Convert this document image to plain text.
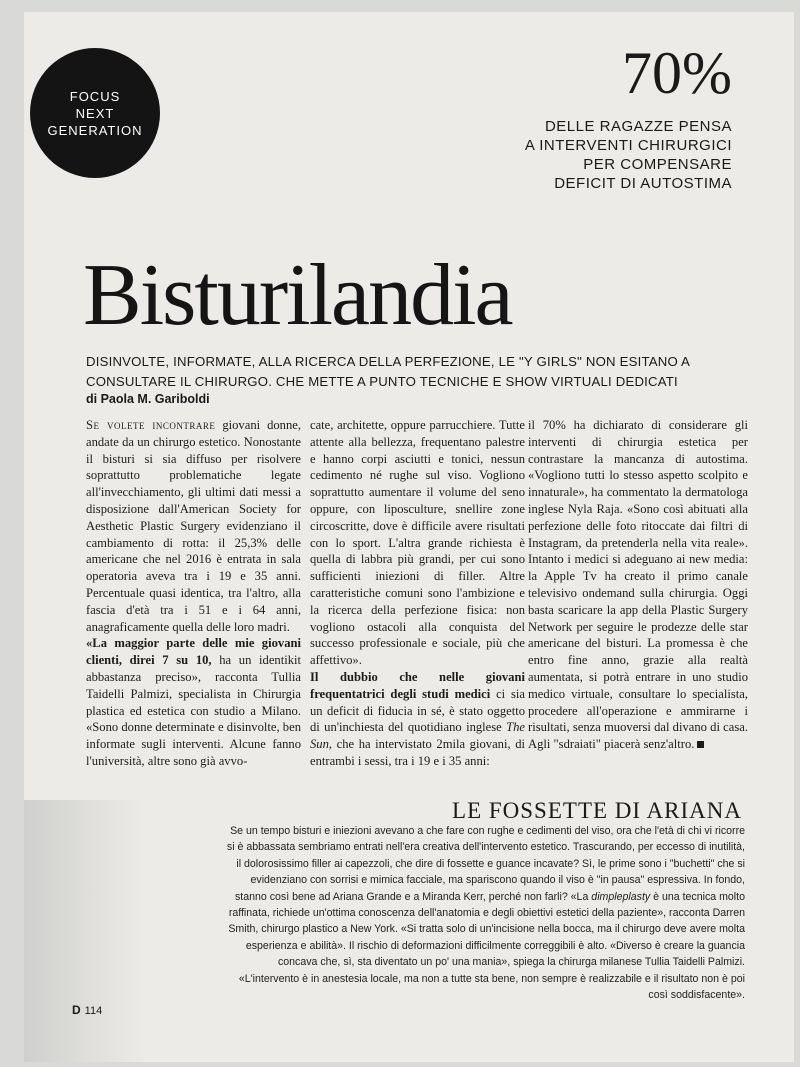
FOCUS
NEXT
GENERATION
70%
DELLE RAGAZZE PENSA
A INTERVENTI CHIRURGICI
PER COMPENSARE
DEFICIT DI AUTOSTIMA
Bisturilandia
DISINVOLTE, INFORMATE, ALLA RICERCA DELLA PERFEZIONE, LE "Y GIRLS" NON ESITANO A CONSULTARE IL CHIRURGO. CHE METTE A PUNTO TECNICHE E SHOW VIRTUALI DEDICATI
di Paola M. Gariboldi

Se volete incontrare giovani donne, andate da un chirurgo estetico. Nonostante il bisturi si sia diffuso per risolvere soprattutto problematiche legate all'invecchiamento, gli ultimi dati messi a disposizione dall'American Society for Aesthetic Plastic Surgery evidenziano il cambiamento di rotta: il 25,3% delle americane che nel 2016 è entrata in sala operatoria aveva tra i 19 e 35 anni. Percentuale quasi identica, tra l'altro, alla fascia d'età tra i 51 e i 64 anni, anagraficamente quella delle loro madri.

«La maggior parte delle mie giovani clienti, direi 7 su 10, ha un identikit abbastanza preciso», racconta Tullia Taidelli Palmizi, specialista in Chirurgia plastica ed estetica con studio a Milano. «Sono donne determinate e disinvolte, ben informate sugli interventi. Alcune fanno l'università, altre sono già avvo-

cate, architette, oppure parrucchiere. Tutte attente alla bellezza, frequentano palestre e hanno corpi asciutti e tonici, nessun cedimento né rughe sul viso. Vogliono soprattutto aumentare il volume del seno oppure, con liposculture, snellire zone circoscritte, dove è difficile avere risultati con lo sport. L'altra grande richiesta è quella di labbra più grandi, per cui sono sufficienti iniezioni di filler. Altre caratteristiche comuni sono l'ambizione e la ricerca della perfezione fisica: non vogliono ostacoli alla conquista del successo professionale e sociale, più che affettivo».

Il dubbio che nelle giovani frequentatrici degli studi medici ci sia un deficit di fiducia in sé, è stato oggetto di un'inchiesta del quotidiano inglese The Sun, che ha intervistato 2mila giovani, di entrambi i sessi, tra i 19 e i 35 anni:

il 70% ha dichiarato di considerare gli interventi di chirurgia estetica per contrastare la mancanza di autostima. «Vogliono tutti lo stesso aspetto scolpito e innaturale», ha commentato la dermatologa inglese Nyla Raja. «Sono così abituati alla perfezione delle foto ritoccate dai filtri di Instagram, da pretenderla nella vita reale». Intanto i medici si adeguano ai new media: la Apple Tv ha creato il primo canale televisivo ondemand sulla chirurgia. Oggi basta scaricare la app della Plastic Surgery Network per seguire le prodezze delle star americane del bisturi. La promessa è che entro fine anno, grazie alla realtà aumentata, si potrà entrare in uno studio medico virtuale, consultare lo specialista, procedere all'operazione e ammirarne i risultati, senza muoversi dal divano di casa. Agli "sdraiati" piacerà senz'altro.

LE FOSSETTE DI ARIANA

Se un tempo bisturi e iniezioni avevano a che fare con rughe e cedimenti del viso, ora che l'età di chi vi ricorre si è abbassata sembriamo entrati nell'era creativa dell'intervento estetico. Trascurando, per eccesso di inutilità, il dolorosissimo filler ai capezzoli, che dire di fossette e guance incavate? Sì, le prime sono i "buchetti" che si evidenziano con sorrisi e mimica facciale, ma spariscono quando il viso è "in pausa" espressiva. In fondo, stanno così bene ad Ariana Grande e a Miranda Kerr, perché non farli? «La dimpleplasty è una tecnica molto raffinata, richiede un'ottima conoscenza dell'anatomia e degli obiettivi estetici della paziente», racconta Darren Smith, chirurgo plastico a New York. «Si tratta solo di un'incisione nella bocca, ma il chirurgo deve avere molta esperienza e abilità». Il rischio di deformazioni difficilmente correggibili è alto. «Diverso è creare la guancia concava che, sì, sta diventato un po' una mania», spiega la chirurga milanese Tullia Taidelli Palmizi. «L'intervento è in anestesia locale, ma non a tutte sta bene, non sempre è realizzabile e il risultato non è poi così soddisfacente».

D 114
